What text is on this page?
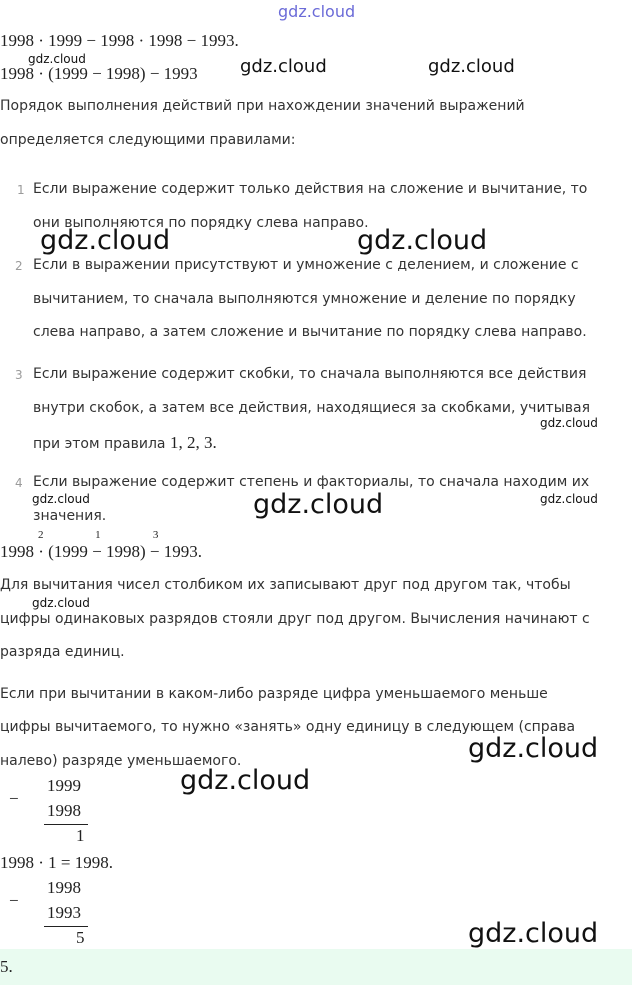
gdz.cloud
1998 · 1999 − 1998 · 1998 − 1993.
gdz.cloud
1998 · (1999 − 1998) − 1993 gdz.cloud	gdz.cloud
Порядок выполнения действий при нахождении значений выражений
определяется следующими правилами:
1 Если выражение содержит только действия на сложение и вычитание, то
они выполняются по порядку слева направо.
gdz.cloud	gdz.cloud
2 Если в выражении присутствуют и умножение с делением, и сложение с
вычитанием, то сначала выполняются умножение и деление по порядку
слева направо, а затем сложение и вычитание по порядку слева направо.
3 Если выражение содержит скобки, то сначала выполняются все действия
внутри скобок, а затем все действия, находящиеся за скобками, учитывая
при этом правила 1, 2, 3.
gdz.cloud
4 Если выражение содержит степень и факториалы, то сначала находим их
gdz.cloud	gdz.cloud	gdz.cloud
значения.
1998 ·
2
(1999 −
1
1998) −
3
1993.
Для вычитания чисел столбиком их записывают друг под другом так, чтобы
gdz.cloud
цифры одинаковых разрядов стояли друг под другом. Вычисления начинают с
разряда единиц.
Если при вычитании в каком-либо разряде цифра уменьшаемого меньше
цифры вычитаемого, то нужно «занять» одну единицу в следующем (справа
налево) разряде уменьшаемого.	gdz.cloud
gdz.cloud
−
1999
1998
1
1998 · 1 = 1998.
−
1998
1993
5	gdz.cloud
5.
